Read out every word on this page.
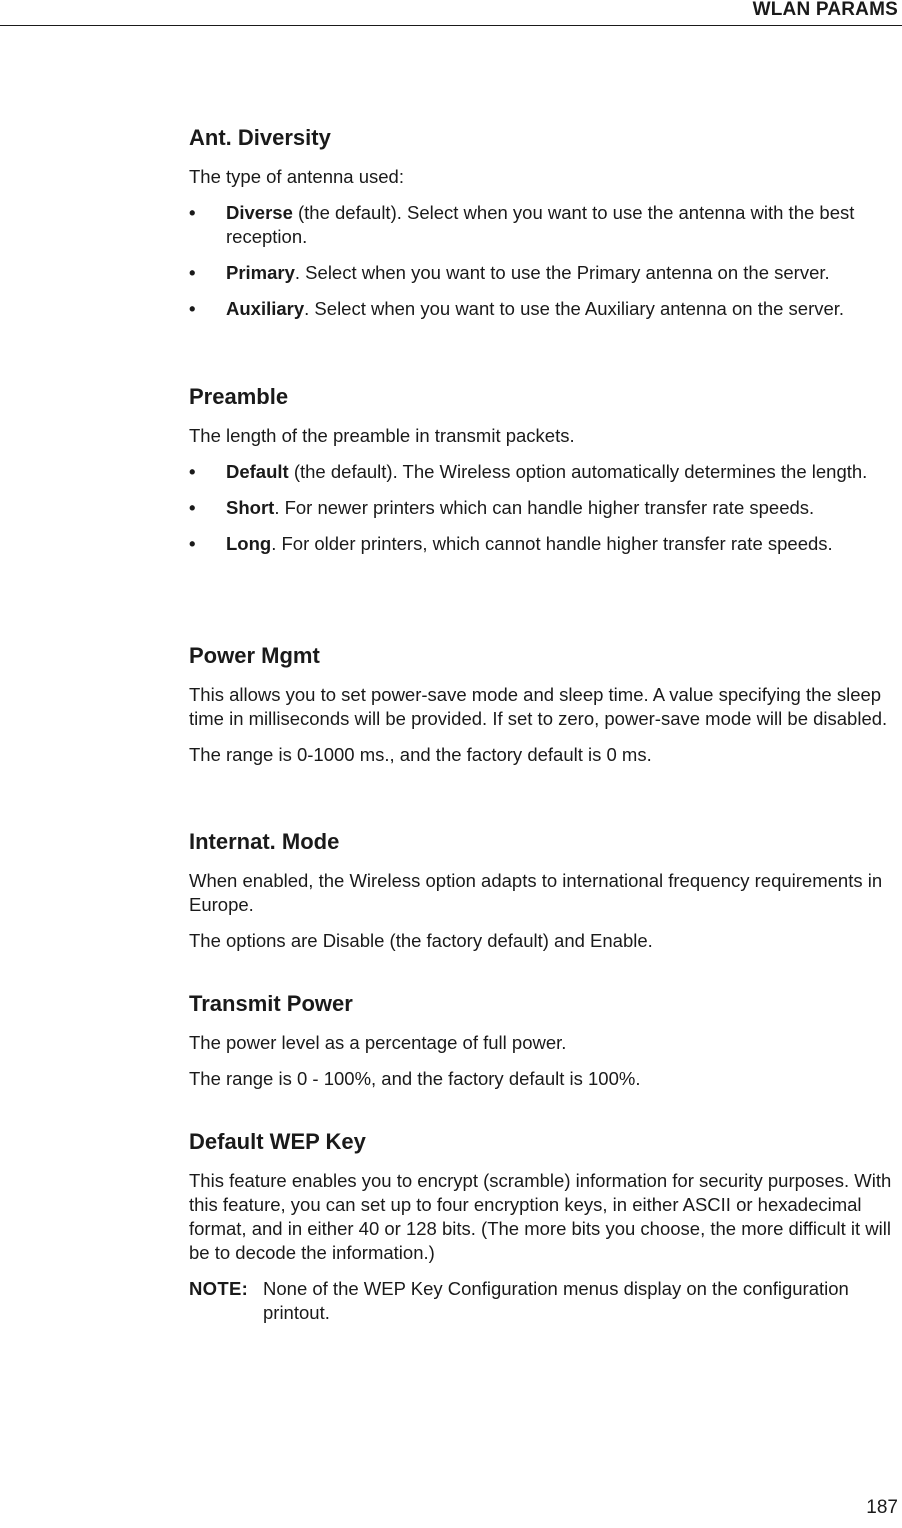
WLAN PARAMS
Ant. Diversity

The type of antenna used:

• Diverse (the default). Select when you want to use the antenna with the best reception.
• Primary. Select when you want to use the Primary antenna on the server.
• Auxiliary. Select when you want to use the Auxiliary antenna on the server.
Preamble

The length of the preamble in transmit packets.

• Default (the default). The Wireless option automatically determines the length.
• Short. For newer printers which can handle higher transfer rate speeds.
• Long. For older printers, which cannot handle higher transfer rate speeds.
Power Mgmt

This allows you to set power-save mode and sleep time. A value specifying the sleep time in milliseconds will be provided. If set to zero, power-save mode will be disabled.

The range is 0-1000 ms., and the factory default is 0 ms.

Internat. Mode

When enabled, the Wireless option adapts to international frequency requirements in Europe.

The options are Disable (the factory default) and Enable.

Transmit Power

The power level as a percentage of full power.

The range is 0 - 100%, and the factory default is 100%.

Default WEP Key

This feature enables you to encrypt (scramble) information for security purposes. With this feature, you can set up to four encryption keys, in either ASCII or hexadecimal format, and in either 40 or 128 bits. (The more bits you choose, the more difficult it will be to decode the information.)

NOTE: None of the WEP Key Configuration menus display on the configuration printout.
187
